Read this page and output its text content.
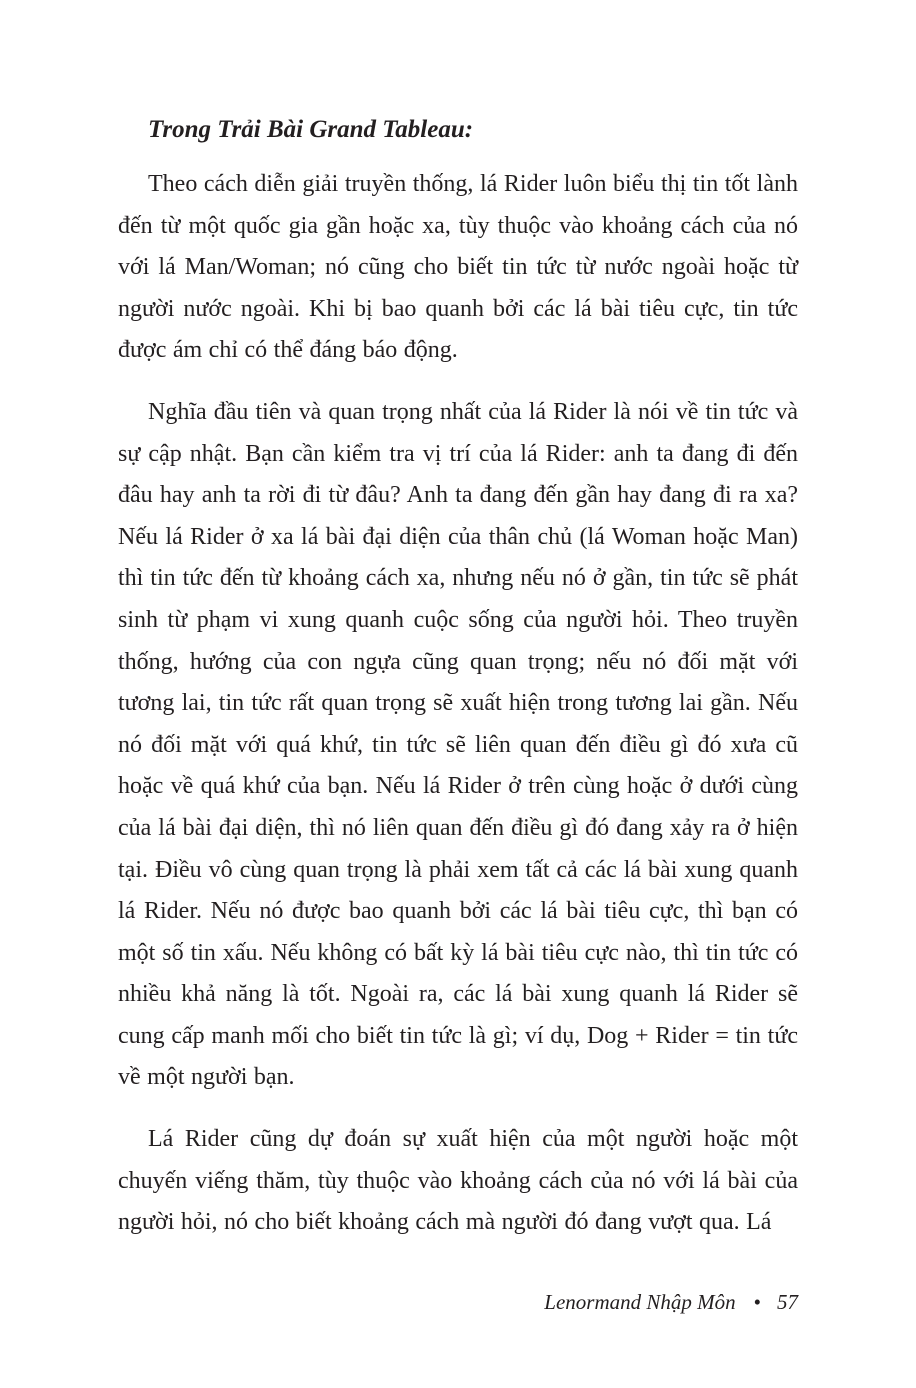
Trong Trải Bài Grand Tableau:

Theo cách diễn giải truyền thống, lá Rider luôn biểu thị tin tốt lành đến từ một quốc gia gần hoặc xa, tùy thuộc vào khoảng cách của nó với lá Man/Woman; nó cũng cho biết tin tức từ nước ngoài hoặc từ người nước ngoài. Khi bị bao quanh bởi các lá bài tiêu cực, tin tức được ám chỉ có thể đáng báo động.

Nghĩa đầu tiên và quan trọng nhất của lá Rider là nói về tin tức và sự cập nhật. Bạn cần kiểm tra vị trí của lá Rider: anh ta đang đi đến đâu hay anh ta rời đi từ đâu? Anh ta đang đến gần hay đang đi ra xa? Nếu lá Rider ở xa lá bài đại diện của thân chủ (lá Woman hoặc Man) thì tin tức đến từ khoảng cách xa, nhưng nếu nó ở gần, tin tức sẽ phát sinh từ phạm vi xung quanh cuộc sống của người hỏi. Theo truyền thống, hướng của con ngựa cũng quan trọng; nếu nó đối mặt với tương lai, tin tức rất quan trọng sẽ xuất hiện trong tương lai gần. Nếu nó đối mặt với quá khứ, tin tức sẽ liên quan đến điều gì đó xưa cũ hoặc về quá khứ của bạn. Nếu lá Rider ở trên cùng hoặc ở dưới cùng của lá bài đại diện, thì nó liên quan đến điều gì đó đang xảy ra ở hiện tại. Điều vô cùng quan trọng là phải xem tất cả các lá bài xung quanh lá Rider. Nếu nó được bao quanh bởi các lá bài tiêu cực, thì bạn có một số tin xấu. Nếu không có bất kỳ lá bài tiêu cực nào, thì tin tức có nhiều khả năng là tốt. Ngoài ra, các lá bài xung quanh lá Rider sẽ cung cấp manh mối cho biết tin tức là gì; ví dụ, Dog + Rider = tin tức về một người bạn.

Lá Rider cũng dự đoán sự xuất hiện của một người hoặc một chuyến viếng thăm, tùy thuộc vào khoảng cách của nó với lá bài của người hỏi, nó cho biết khoảng cách mà người đó đang vượt qua. Lá

Lenormand Nhập Môn • 57
